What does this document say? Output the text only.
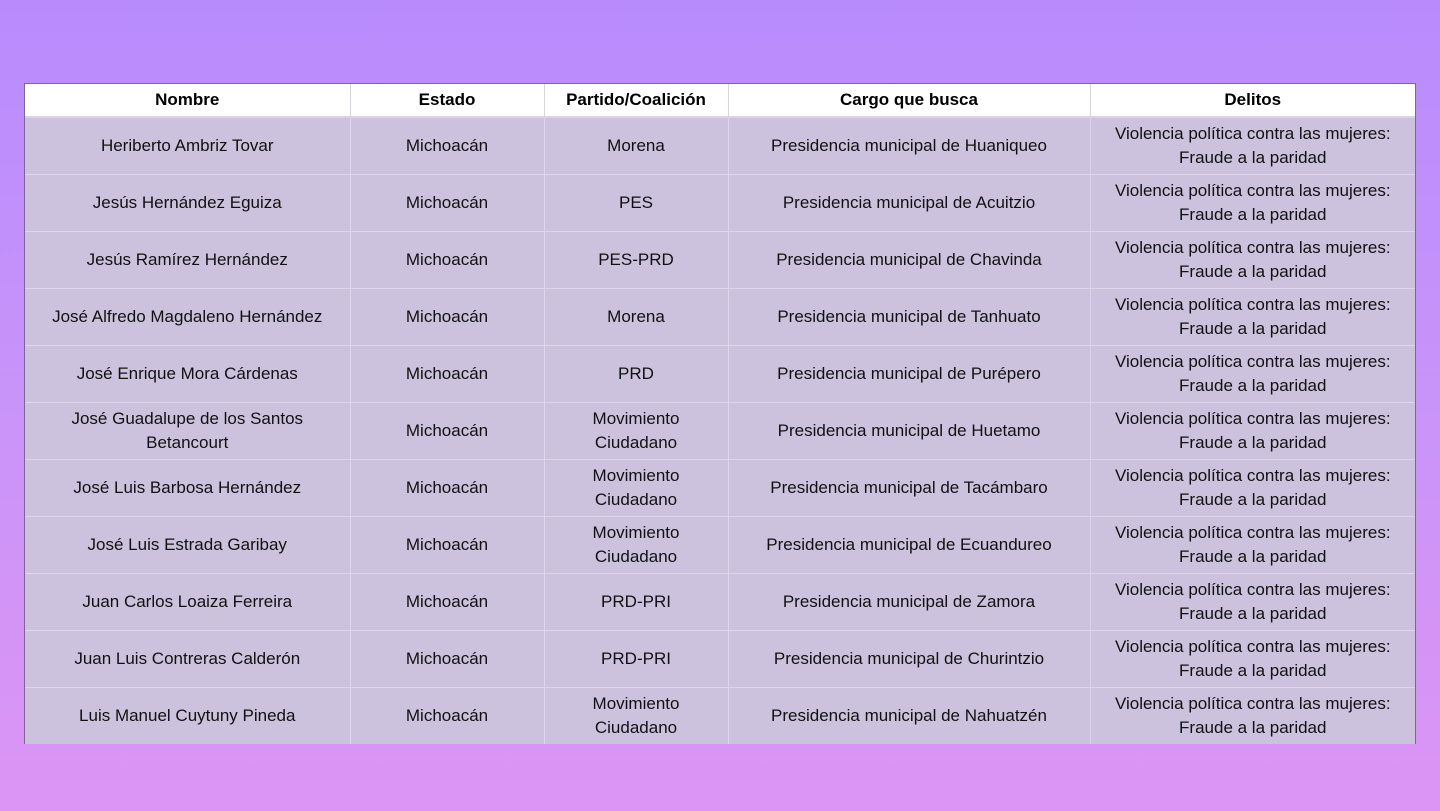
Nombre	Estado	Partido/Coalición	Cargo que busca	Delitos
Heriberto Ambriz Tovar	Michoacán	Morena	Presidencia municipal de Huaniqueo	Violencia política contra las mujeres: Fraude a la paridad
Jesús Hernández Eguiza	Michoacán	PES	Presidencia municipal de Acuitzio	Violencia política contra las mujeres: Fraude a la paridad
Jesús Ramírez Hernández	Michoacán	PES-PRD	Presidencia municipal de Chavinda	Violencia política contra las mujeres: Fraude a la paridad
José Alfredo Magdaleno Hernández	Michoacán	Morena	Presidencia municipal de Tanhuato	Violencia política contra las mujeres: Fraude a la paridad
José Enrique Mora Cárdenas	Michoacán	PRD	Presidencia municipal de Purépero	Violencia política contra las mujeres: Fraude a la paridad
José Guadalupe de los Santos Betancourt	Michoacán	Movimiento Ciudadano	Presidencia municipal de Huetamo	Violencia política contra las mujeres: Fraude a la paridad
José Luis Barbosa Hernández	Michoacán	Movimiento Ciudadano	Presidencia municipal de Tacámbaro	Violencia política contra las mujeres: Fraude a la paridad
José Luis Estrada Garibay	Michoacán	Movimiento Ciudadano	Presidencia municipal de Ecuandureo	Violencia política contra las mujeres: Fraude a la paridad
Juan Carlos Loaiza Ferreira	Michoacán	PRD-PRI	Presidencia municipal de Zamora	Violencia política contra las mujeres: Fraude a la paridad
Juan Luis Contreras Calderón	Michoacán	PRD-PRI	Presidencia municipal de Churintzio	Violencia política contra las mujeres: Fraude a la paridad
Luis Manuel Cuytuny Pineda	Michoacán	Movimiento Ciudadano	Presidencia municipal de Nahuatzén	Violencia política contra las mujeres: Fraude a la paridad
